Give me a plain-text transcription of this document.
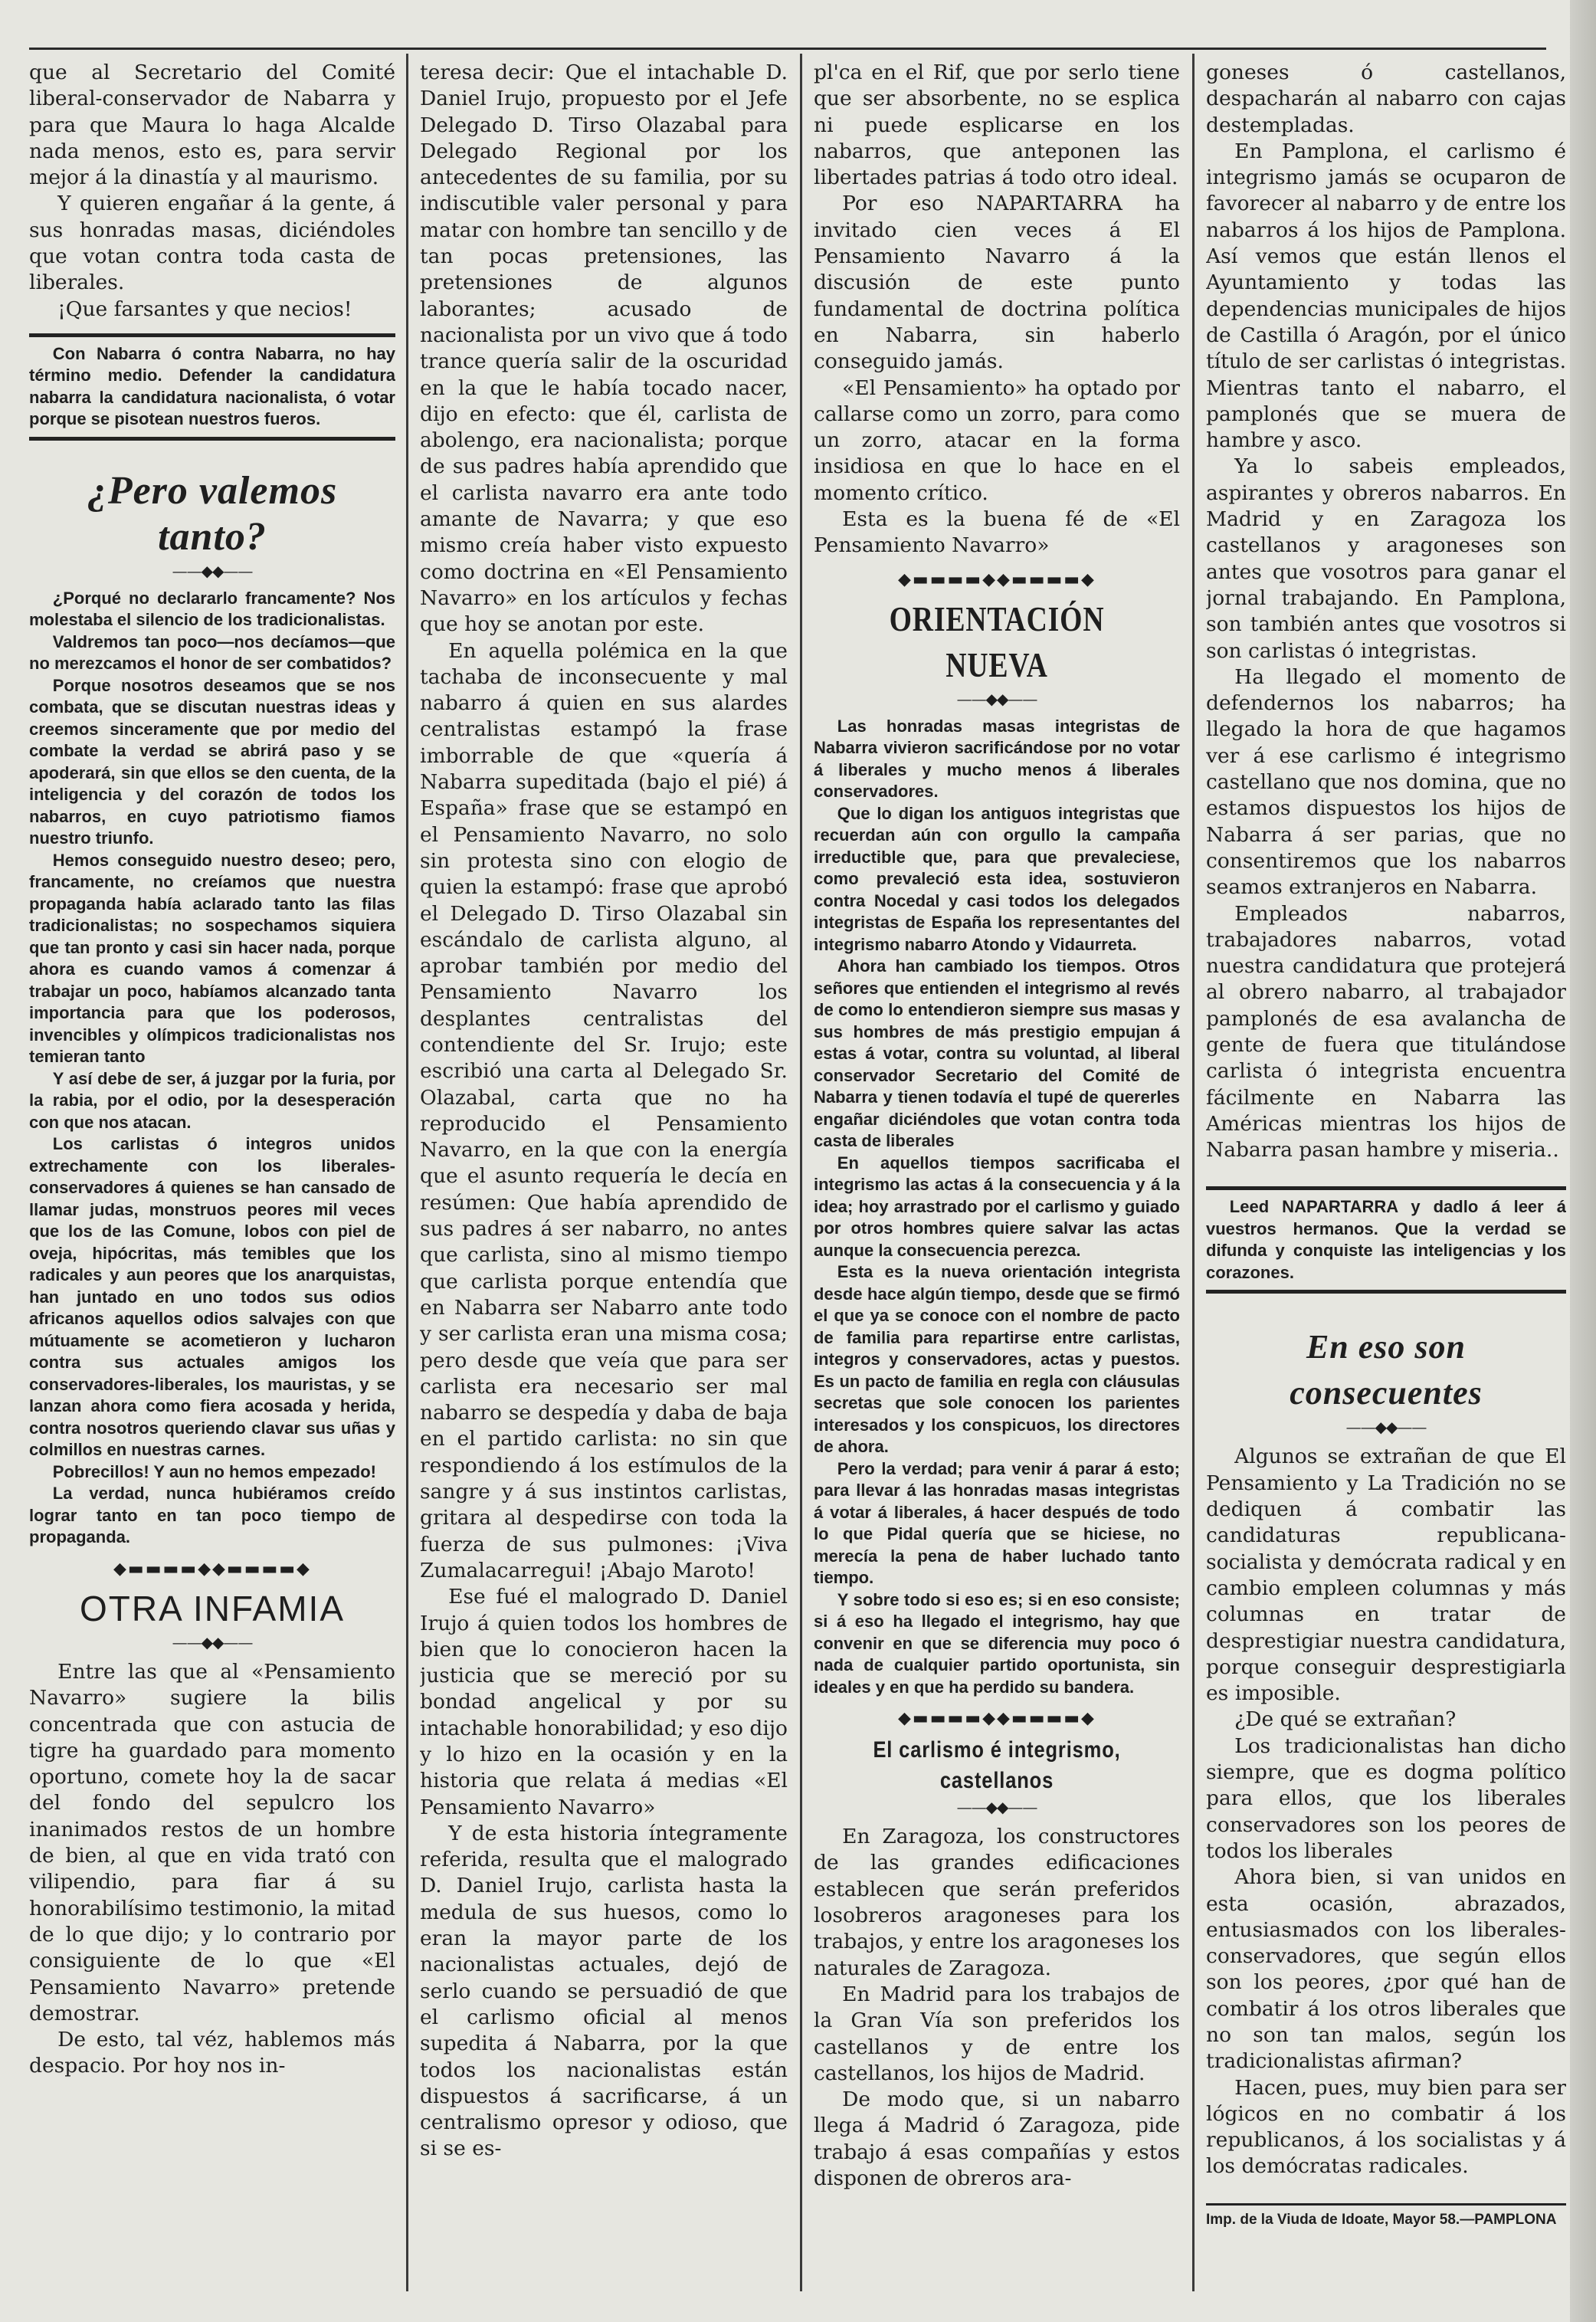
que al Secretario del Comité liberal-conservador de Nabarra y para que Maura lo haga Alcalde nada menos, esto es, para servir mejor á la dinastía y al maurismo.

Y quieren engañar á la gente, á sus honradas masas, diciéndoles que votan contra toda casta de liberales.

¡Que farsantes y que necios!

Con Nabarra ó contra Nabarra, no hay término medio. Defender la candidatura nabarra la candidatura nacionalista, ó votar porque se pisotean nuestros fueros.

¿Pero valemos tanto?
——◆◆——

¿Porqué no declararlo francamente? Nos molestaba el silencio de los tradicionalistas.

Valdremos tan poco—nos decíamos—que no merezcamos el honor de ser combatidos?

Porque nosotros deseamos que se nos combata, que se discutan nuestras ideas y creemos sinceramente que por medio del combate la verdad se abrirá paso y se apoderará, sin que ellos se den cuenta, de la inteligencia y del corazón de todos los nabarros, en cuyo patriotismo fiamos nuestro triunfo.

Hemos conseguido nuestro deseo; pero, francamente, no creíamos que nuestra propaganda había aclarado tanto las filas tradicionalistas; no sospechamos siquiera que tan pronto y casi sin hacer nada, porque ahora es cuando vamos á comenzar á trabajar un poco, habíamos alcanzado tanta importancia para que los poderosos, invencibles y olímpicos tradicionalistas nos temieran tanto

Y así debe de ser, á juzgar por la furia, por la rabia, por el odio, por la desesperación con que nos atacan.

Los carlistas ó integros unidos extrechamente con los liberales-conservadores á quienes se han cansado de llamar judas, monstruos peores mil veces que los de las Comune, lobos con piel de oveja, hipócritas, más temibles que los radicales y aun peores que los anarquistas, han juntado en uno todos sus odios africanos aquellos odios salvajes con que mútuamente se acometieron y lucharon contra sus actuales amigos los conservadores-liberales, los mauristas, y se lanzan ahora como fiera acosada y herida, contra nosotros queriendo clavar sus uñas y colmillos en nuestras carnes.

Pobrecillos! Y aun no hemos empezado!

La verdad, nunca hubiéramos creído lograr tanto en tan poco tiempo de propaganda.

◆▬▬▬▬◆◆▬▬▬▬◆
OTRA INFAMIA
——◆◆——

Entre las que al «Pensamiento Navarro» sugiere la bilis concentrada que con astucia de tigre ha guardado para momento oportuno, comete hoy la de sacar del fondo del sepulcro los inanimados restos de un hombre de bien, al que en vida trató con vilipendio, para fiar á su honorabilísimo testimonio, la mitad de lo que dijo; y lo contrario por consiguiente de lo que «El Pensamiento Navarro» pretende demostrar.

De esto, tal véz, hablemos más despacio. Por hoy nos in-

teresa decir: Que el intachable D. Daniel Irujo, propuesto por el Jefe Delegado D. Tirso Olazabal para Delegado Regional por los antecedentes de su familia, por su indiscutible valer personal y para matar con hombre tan sencillo y de tan pocas pretensiones, las pretensiones de algunos laborantes; acusado de nacionalista por un vivo que á todo trance quería salir de la oscuridad en la que le había tocado nacer, dijo en efecto: que él, carlista de abolengo, era nacionalista; porque de sus padres había aprendido que el carlista navarro era ante todo amante de Navarra; y que eso mismo creía haber visto expuesto como doctrina en «El Pensamiento Navarro» en los artículos y fechas que hoy se anotan por este.

En aquella polémica en la que tachaba de inconsecuente y mal nabarro á quien en sus alardes centralistas estampó la frase imborrable de que «quería á Nabarra supeditada (bajo el pié) á España» frase que se estampó en el Pensamiento Navarro, no solo sin protesta sino con elogio de quien la estampó: frase que aprobó el Delegado D. Tirso Olazabal sin escándalo de carlista alguno, al aprobar también por medio del Pensamiento Navarro los desplantes centralistas del contendiente del Sr. Irujo; este escribió una carta al Delegado Sr. Olazabal, carta que no ha reproducido el Pensamiento Navarro, en la que con la energía que el asunto requería le decía en resúmen: Que había aprendido de sus padres á ser nabarro, no antes que carlista, sino al mismo tiempo que carlista porque entendía que en Nabarra ser Nabarro ante todo y ser carlista eran una misma cosa; pero desde que veía que para ser carlista era necesario ser mal nabarro se despedía y daba de baja en el partido carlista: no sin que respondiendo á los estímulos de la sangre y á sus instintos carlistas, gritara al despedirse con toda la fuerza de sus pulmones: ¡Viva Zumalacarregui! ¡Abajo Maroto!

Ese fué el malogrado D. Daniel Irujo á quien todos los hombres de bien que lo conocieron hacen la justicia que se mereció por su bondad angelical y por su intachable honorabilidad; y eso dijo y lo hizo en la ocasión y en la historia que relata á medias «El Pensamiento Navarro»

Y de esta historia íntegramente referida, resulta que el malogrado D. Daniel Irujo, carlista hasta la medula de sus huesos, como lo eran la mayor parte de los nacionalistas actuales, dejó de serlo cuando se persuadió de que el carlismo oficial al menos supedita á Nabarra, por la que todos los nacionalistas están dispuestos á sacrificarse, á un centralismo opresor y odioso, que si se es-

pl'ca en el Rif, que por serlo tiene que ser absorbente, no se esplica ni puede esplicarse en los nabarros, que anteponen las libertades patrias á todo otro ideal.

Por eso NAPARTARRA ha invitado cien veces á El Pensamiento Navarro á la discusión de este punto fundamental de doctrina política en Nabarra, sin haberlo conseguido jamás.

«El Pensamiento» ha optado por callarse como un zorro, para como un zorro, atacar en la forma insidiosa en que lo hace en el momento crítico.

Esta es la buena fé de «El Pensamiento Navarro»

◆▬▬▬▬◆◆▬▬▬▬◆
ORIENTACIÓN NUEVA
——◆◆——

Las honradas masas integristas de Nabarra vivieron sacrificándose por no votar á liberales y mucho menos á liberales conservadores.

Que lo digan los antiguos integristas que recuerdan aún con orgullo la campaña irreductible que, para que prevaleciese, como prevaleció esta idea, sostuvieron contra Nocedal y casi todos los delegados integristas de España los representantes del integrismo nabarro Atondo y Vidaurreta.

Ahora han cambiado los tiempos. Otros señores que entienden el integrismo al revés de como lo entendieron siempre sus masas y sus hombres de más prestigio empujan á estas á votar, contra su voluntad, al liberal conservador Secretario del Comité de Nabarra y tienen todavía el tupé de quererles engañar diciéndoles que votan contra toda casta de liberales

En aquellos tiempos sacrificaba el integrismo las actas á la consecuencia y á la idea; hoy arrastrado por el carlismo y guiado por otros hombres quiere salvar las actas aunque la consecuencia perezca.

Esta es la nueva orientación integrista desde hace algún tiempo, desde que se firmó el que ya se conoce con el nombre de pacto de familia para repartirse entre carlistas, integros y conservadores, actas y puestos. Es un pacto de familia en regla con cláusulas secretas que sole conocen los parientes interesados y los conspicuos, los directores de ahora.

Pero la verdad; para venir á parar á esto; para llevar á las honradas masas integristas á votar á liberales, á hacer después de todo lo que Pidal quería que se hiciese, no merecía la pena de haber luchado tanto tiempo.

Y sobre todo si eso es; si en eso consiste; si á eso ha llegado el integrismo, hay que convenir en que se diferencia muy poco ó nada de cualquier partido oportunista, sin ideales y en que ha perdido su bandera.

◆▬▬▬▬◆◆▬▬▬▬◆
El carlismo é integrismo, castellanos
——◆◆——

En Zaragoza, los constructores de las grandes edificaciones establecen que serán preferidos losobreros aragoneses para los trabajos, y entre los aragoneses los naturales de Zaragoza.

En Madrid para los trabajos de la Gran Vía son preferidos los castellanos y de entre los castellanos, los hijos de Madrid.

De modo que, si un nabarro llega á Madrid ó Zaragoza, pide trabajo á esas compañías y estos disponen de obreros ara-

goneses ó castellanos, despacharán al nabarro con cajas destempladas.

En Pamplona, el carlismo é integrismo jamás se ocuparon de favorecer al nabarro y de entre los nabarros á los hijos de Pamplona. Así vemos que están llenos el Ayuntamiento y todas las dependencias municipales de hijos de Castilla ó Aragón, por el único título de ser carlistas ó integristas. Mientras tanto el nabarro, el pamplonés que se muera de hambre y asco.

Ya lo sabeis empleados, aspirantes y obreros nabarros. En Madrid y en Zaragoza los castellanos y aragoneses son antes que vosotros para ganar el jornal trabajando. En Pamplona, son también antes que vosotros si son carlistas ó integristas.

Ha llegado el momento de defendernos los nabarros; ha llegado la hora de que hagamos ver á ese carlismo é integrismo castellano que nos domina, que no estamos dispuestos los hijos de Nabarra á ser parias, que no consentiremos que los nabarros seamos extranjeros en Nabarra.

Empleados nabarros, trabajadores nabarros, votad nuestra candidatura que protejerá al obrero nabarro, al trabajador pamplonés de esa avalancha de gente de fuera que titulándose carlista ó integrista encuentra fácilmente en Nabarra las Américas mientras los hijos de Nabarra pasan hambre y miseria..

Leed NAPARTARRA y dadlo á leer á vuestros hermanos. Que la verdad se difunda y conquiste las inteligencias y los corazones.

En eso son consecuentes
——◆◆——

Algunos se extrañan de que El Pensamiento y La Tradición no se dediquen á combatir las candidaturas republicana-socialista y demócrata radical y en cambio empleen columnas y más columnas en tratar de desprestigiar nuestra candidatura, porque conseguir desprestigiarla es imposible.

¿De qué se extrañan?

Los tradicionalistas han dicho siempre, que es dogma político para ellos, que los liberales conservadores son los peores de todos los liberales

Ahora bien, si van unidos en esta ocasión, abrazados, entusiasmados con los liberales-conservadores, que según ellos son los peores, ¿por qué han de combatir á los otros liberales que no son tan malos, según los tradicionalistas afirman?

Hacen, pues, muy bien para ser lógicos en no combatir á los republicanos, á los socialistas y á los demócratas radicales.

Imp. de la Viuda de Idoate, Mayor 58.—PAMPLONA
